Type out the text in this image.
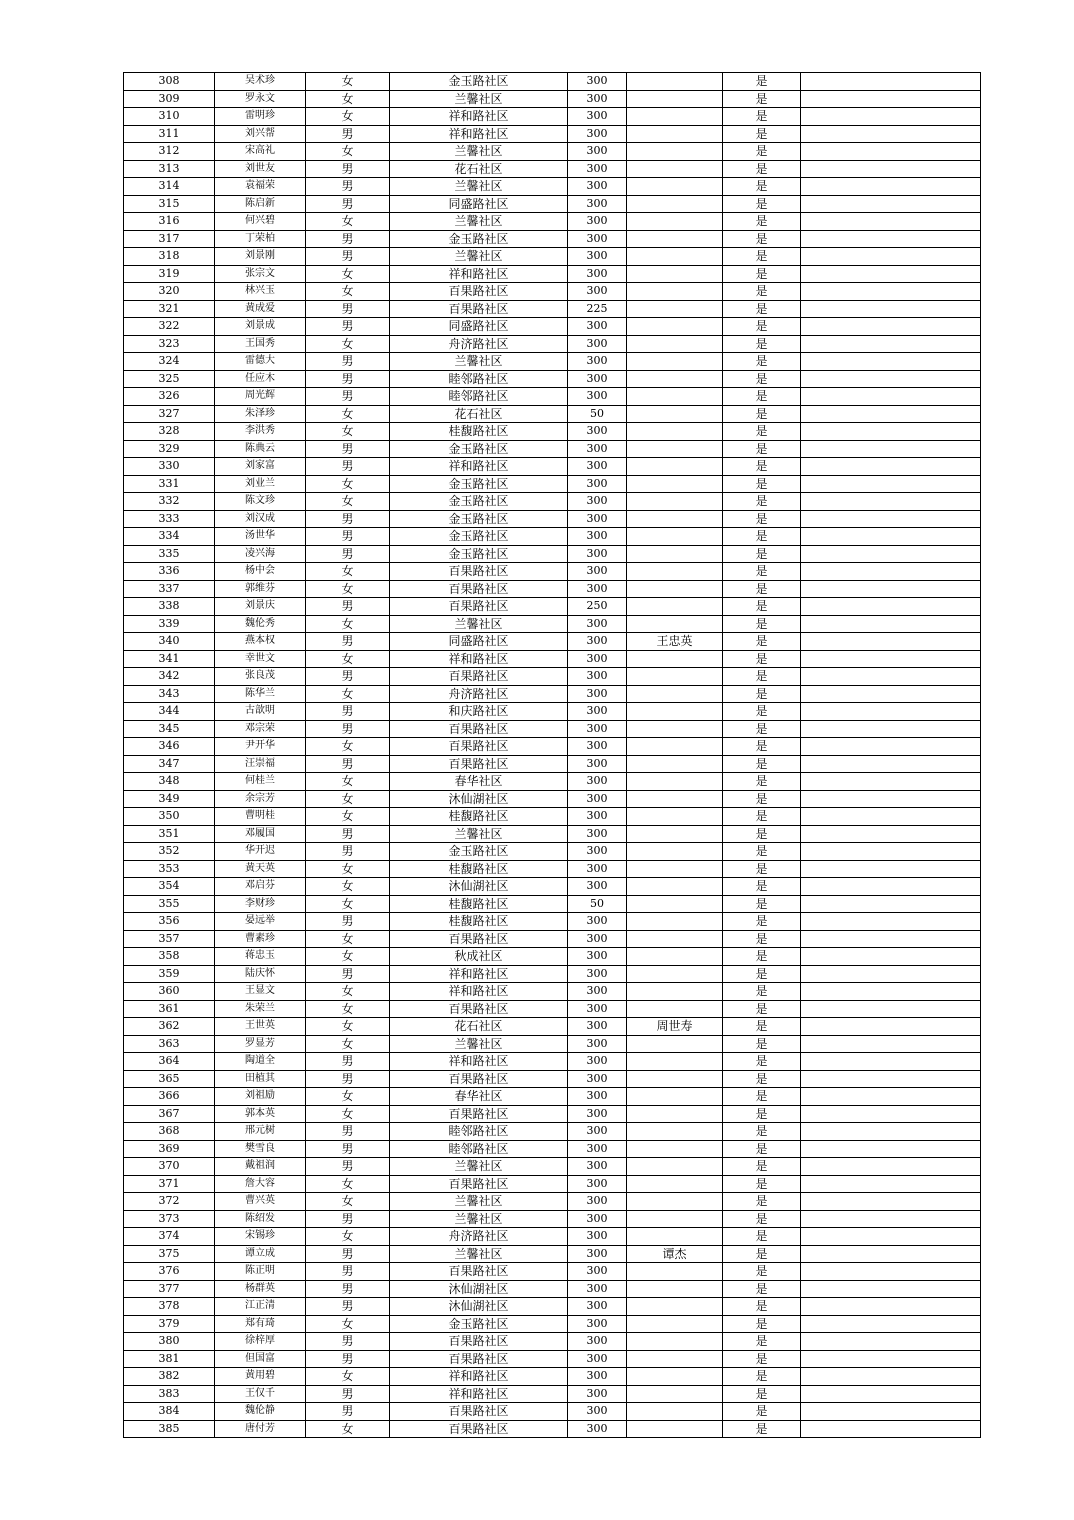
308	吴术珍	女	金玉路社区	300		是	
309	罗永文	女	兰馨社区	300		是	
310	雷明珍	女	祥和路社区	300		是	
311	刘兴帮	男	祥和路社区	300		是	
312	宋高礼	女	兰馨社区	300		是	
313	刘世友	男	花石社区	300		是	
314	袁福荣	男	兰馨社区	300		是	
315	陈启新	男	同盛路社区	300		是	
316	何兴碧	女	兰馨社区	300		是	
317	丁荣柏	男	金玉路社区	300		是	
318	刘景刚	男	兰馨社区	300		是	
319	张宗文	女	祥和路社区	300		是	
320	林兴玉	女	百果路社区	300		是	
321	黄成爱	男	百果路社区	225		是	
322	刘景成	男	同盛路社区	300		是	
323	王国秀	女	舟济路社区	300		是	
324	雷德大	男	兰馨社区	300		是	
325	任应木	男	睦邻路社区	300		是	
326	周光辉	男	睦邻路社区	300		是	
327	朱泽珍	女	花石社区	50		是	
328	李洪秀	女	桂馥路社区	300		是	
329	陈典云	男	金玉路社区	300		是	
330	刘家富	男	祥和路社区	300		是	
331	刘业兰	女	金玉路社区	300		是	
332	陈文珍	女	金玉路社区	300		是	
333	刘汉成	男	金玉路社区	300		是	
334	汤世华	男	金玉路社区	300		是	
335	凌兴海	男	金玉路社区	300		是	
336	杨中会	女	百果路社区	300		是	
337	郭维芬	女	百果路社区	300		是	
338	刘景庆	男	百果路社区	250		是	
339	魏伦秀	女	兰馨社区	300		是	
340	燕本权	男	同盛路社区	300	王忠英	是	
341	幸世文	女	祥和路社区	300		是	
342	张良茂	男	百果路社区	300		是	
343	陈华兰	女	舟济路社区	300		是	
344	古歆明	男	和庆路社区	300		是	
345	邓宗荣	男	百果路社区	300		是	
346	尹开华	女	百果路社区	300		是	
347	汪崇福	男	百果路社区	300		是	
348	何桂兰	女	春华社区	300		是	
349	余宗芳	女	沐仙湖社区	300		是	
350	曹明桂	女	桂馥路社区	300		是	
351	邓履国	男	兰馨社区	300		是	
352	华开迟	男	金玉路社区	300		是	
353	黄天英	女	桂馥路社区	300		是	
354	邓启芬	女	沐仙湖社区	300		是	
355	李财珍	女	桂馥路社区	50		是	
356	晏远举	男	桂馥路社区	300		是	
357	曹素珍	女	百果路社区	300		是	
358	蒋忠玉	女	秋成社区	300		是	
359	陆庆怀	男	祥和路社区	300		是	
360	王显文	女	祥和路社区	300		是	
361	朱荣兰	女	百果路社区	300		是	
362	王世英	女	花石社区	300	周世寿	是	
363	罗显芳	女	兰馨社区	300		是	
364	陶道全	男	祥和路社区	300		是	
365	田植其	男	百果路社区	300		是	
366	刘祖励	女	春华社区	300		是	
367	郭本英	女	百果路社区	300		是	
368	邢元树	男	睦邻路社区	300		是	
369	樊雪良	男	睦邻路社区	300		是	
370	戴祖润	男	兰馨社区	300		是	
371	詹大容	女	百果路社区	300		是	
372	曹兴英	女	兰馨社区	300		是	
373	陈绍发	男	兰馨社区	300		是	
374	宋锡珍	女	舟济路社区	300		是	
375	谭立成	男	兰馨社区	300	谭杰	是	
376	陈正明	男	百果路社区	300		是	
377	杨群英	男	沐仙湖社区	300		是	
378	江正清	男	沐仙湖社区	300		是	
379	郑有琦	女	金玉路社区	300		是	
380	徐梓厚	男	百果路社区	300		是	
381	但国富	男	百果路社区	300		是	
382	黄用碧	女	祥和路社区	300		是	
383	王仅千	男	祥和路社区	300		是	
384	魏伦静	男	百果路社区	300		是	
385	唐付芳	女	百果路社区	300		是	
